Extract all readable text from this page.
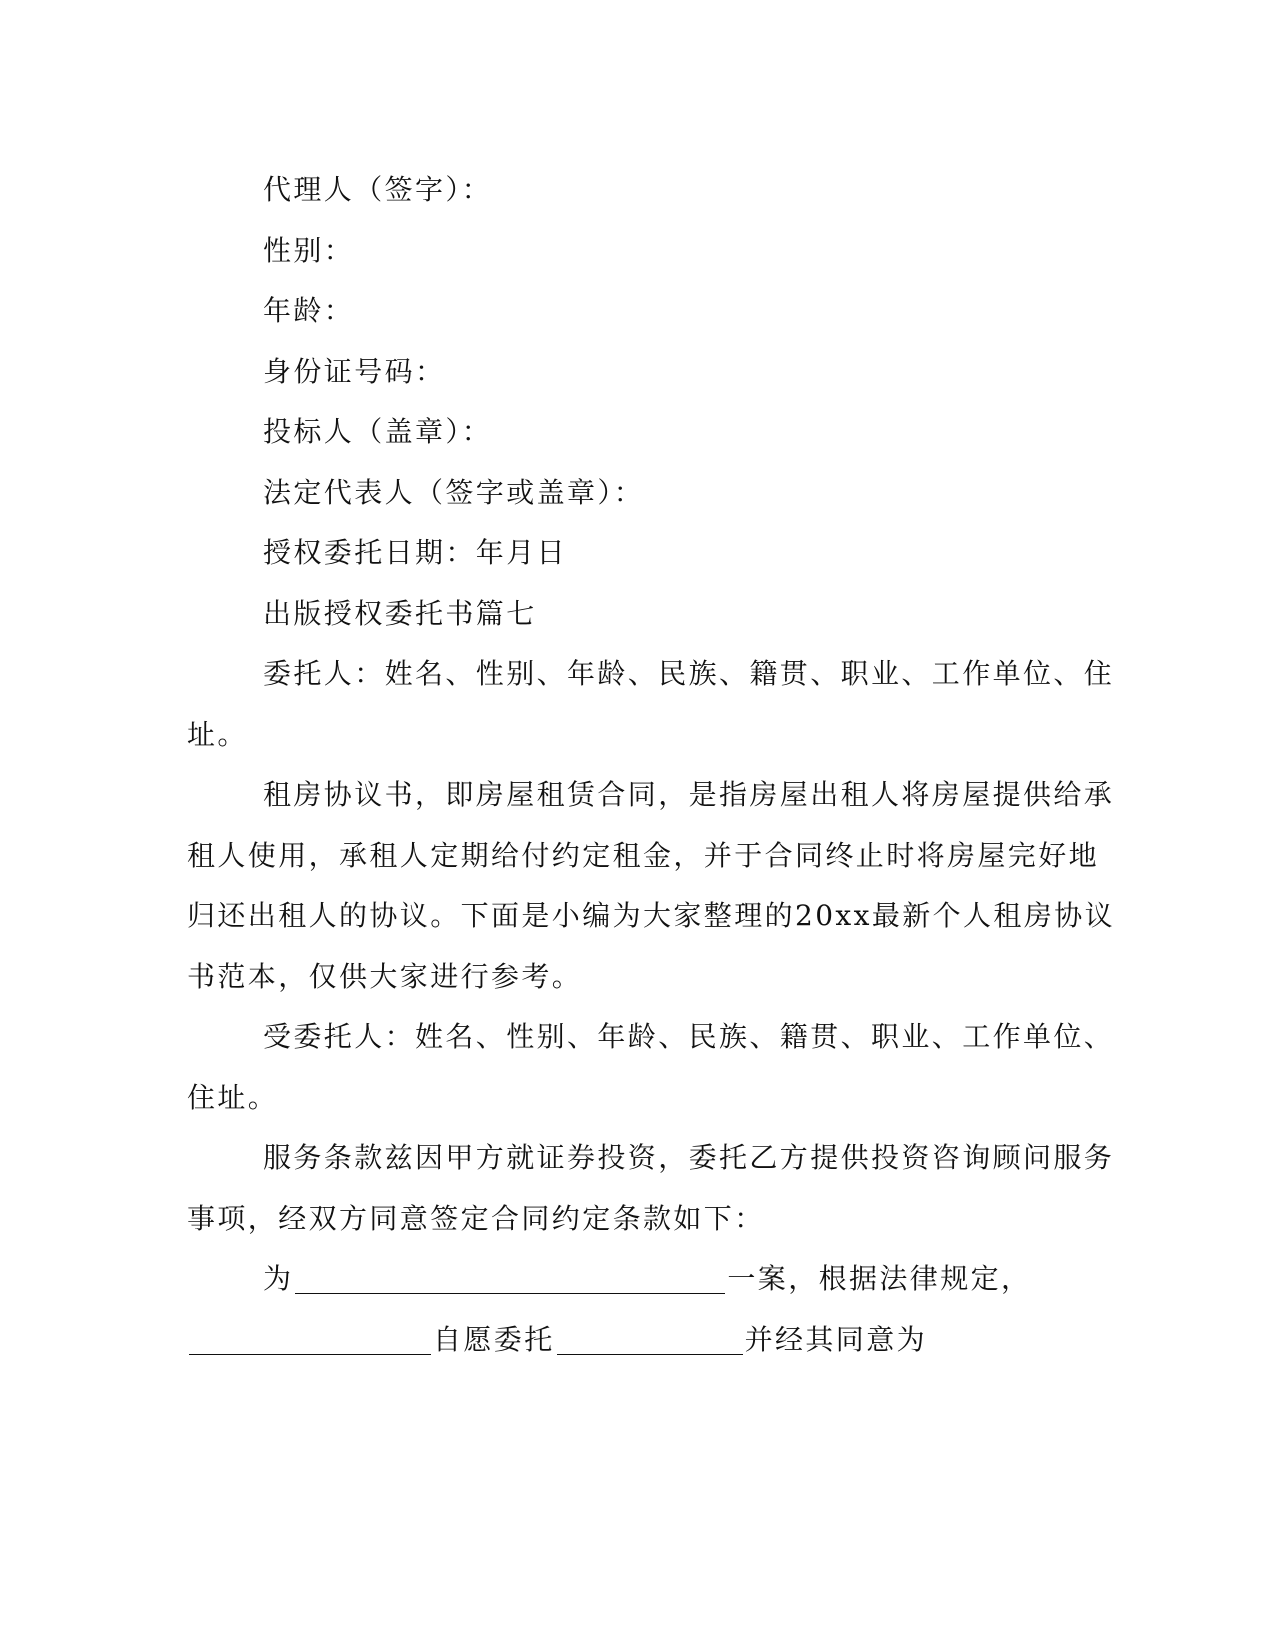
代理人（签字）：

性别：

年龄：

身份证号码：

投标人（盖章）：

法定代表人（签字或盖章）：

授权委托日期：年月日

出版授权委托书篇七

委托人：姓名、性别、年龄、民族、籍贯、职业、工作单位、住

址。

租房协议书，即房屋租赁合同，是指房屋出租人将房屋提供给承

租人使用，承租人定期给付约定租金，并于合同终止时将房屋完好地

归还出租人的协议。下面是小编为大家整理的20xx最新个人租房协议

书范本，仅供大家进行参考。

受委托人：姓名、性别、年龄、民族、籍贯、职业、工作单位、

住址。

服务条款兹因甲方就证券投资，委托乙方提供投资咨询顾问服务

事项，经双方同意签定合同约定条款如下：

为	一案，根据法律规定，

自愿委托	并经其同意为
